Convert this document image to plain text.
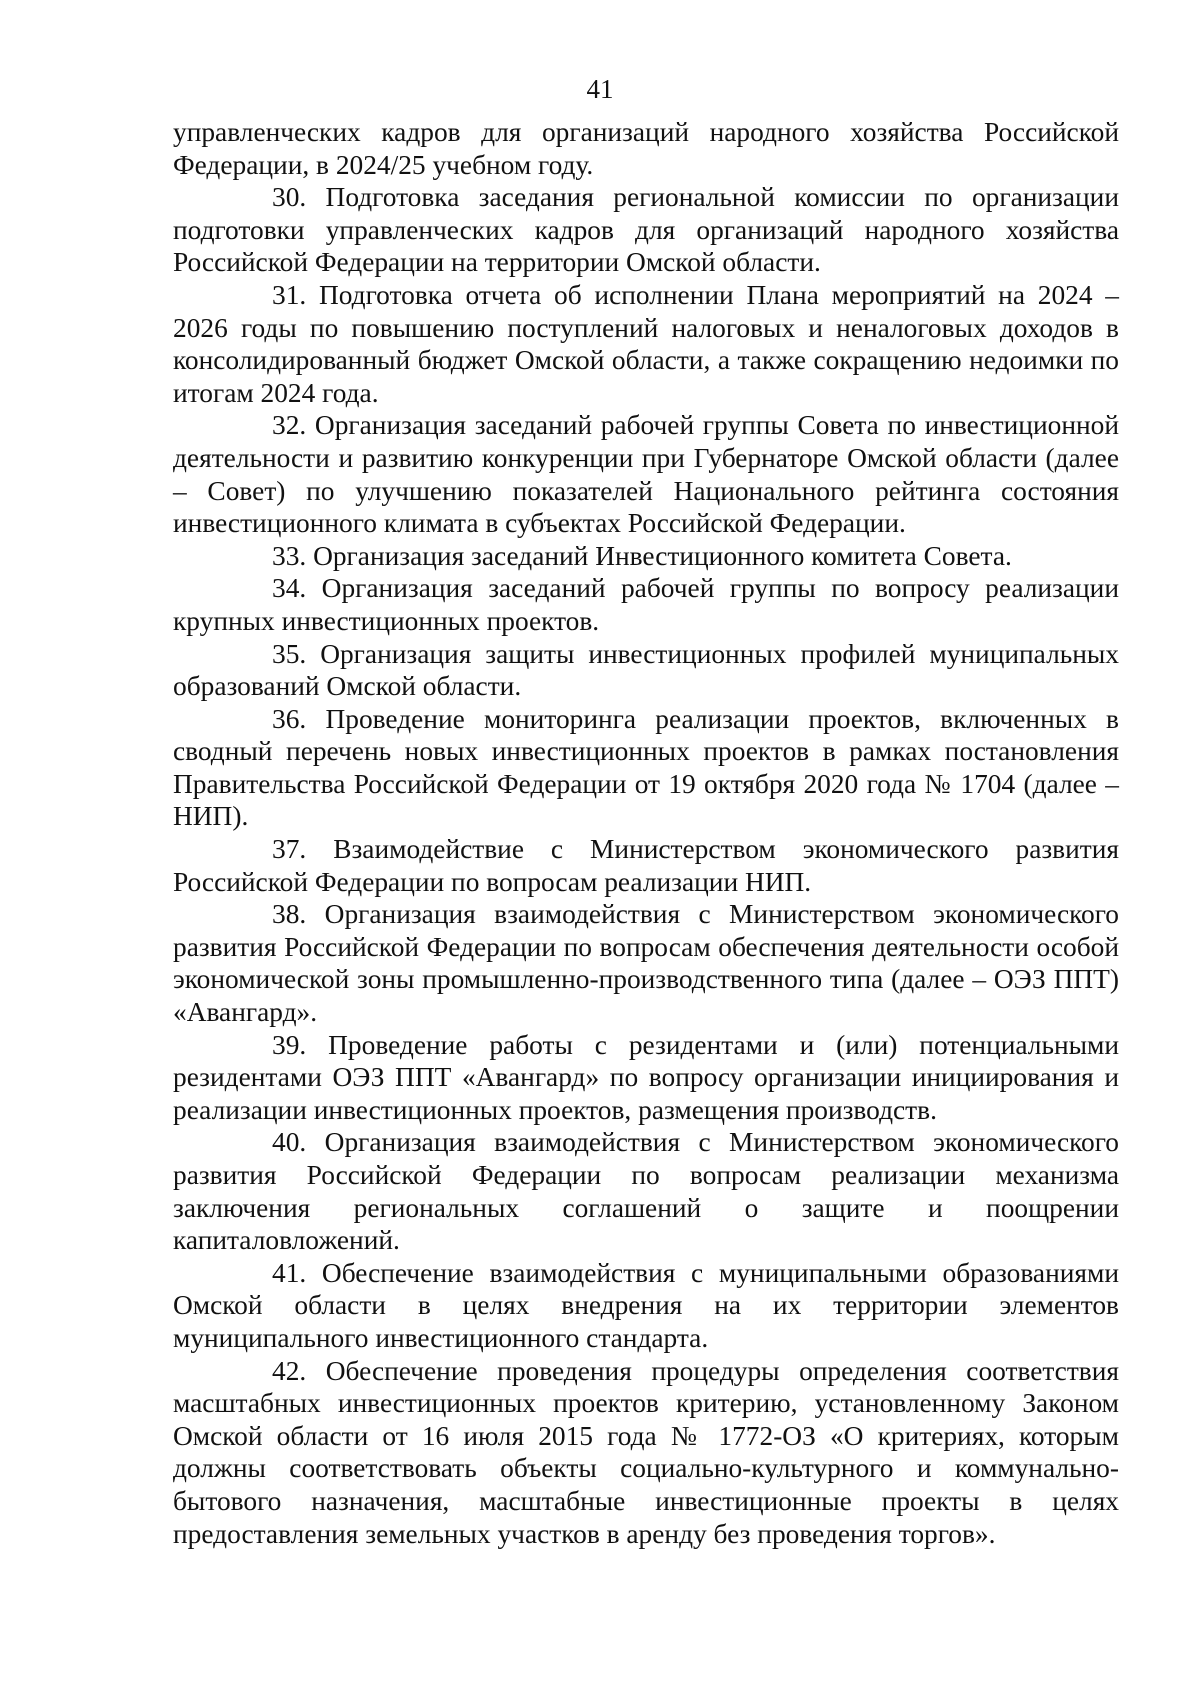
41

управленческих кадров для организаций народного хозяйства Российской Федерации, в 2024/25 учебном году.

30. Подготовка заседания региональной комиссии по организации подготовки управленческих кадров для организаций народного хозяйства Российской Федерации на территории Омской области.

31. Подготовка отчета об исполнении Плана мероприятий на 2024 – 2026 годы по повышению поступлений налоговых и неналоговых доходов в консолидированный бюджет Омской области, а также сокращению недоимки по итогам 2024 года.

32. Организация заседаний рабочей группы Совета по инвестиционной деятельности и развитию конкуренции при Губернаторе Омской области (далее – Совет) по улучшению показателей Национального рейтинга состояния инвестиционного климата в субъектах Российской Федерации.

33. Организация заседаний Инвестиционного комитета Совета.

34. Организация заседаний рабочей группы по вопросу реализации крупных инвестиционных проектов.

35. Организация защиты инвестиционных профилей муниципальных образований Омской области.

36. Проведение мониторинга реализации проектов, включенных в сводный перечень новых инвестиционных проектов в рамках постановления Правительства Российской Федерации от 19 октября 2020 года № 1704 (далее – НИП).

37. Взаимодействие с Министерством экономического развития Российской Федерации по вопросам реализации НИП.

38. Организация взаимодействия с Министерством экономического развития Российской Федерации по вопросам обеспечения деятельности особой экономической зоны промышленно-производственного типа (далее – ОЭЗ ППТ) «Авангард».

39. Проведение работы с резидентами и (или) потенциальными резидентами ОЭЗ ППТ «Авангард» по вопросу организации инициирования и реализации инвестиционных проектов, размещения производств.

40. Организация взаимодействия с Министерством экономического развития Российской Федерации по вопросам реализации механизма заключения региональных соглашений о защите и поощрении капиталовложений.

41. Обеспечение взаимодействия с муниципальными образованиями Омской области в целях внедрения на их территории элементов муниципального инвестиционного стандарта.

42. Обеспечение проведения процедуры определения соответствия масштабных инвестиционных проектов критерию, установленному Законом Омской области от 16 июля 2015 года № 1772-ОЗ «О критериях, которым должны соответствовать объекты социально-культурного и коммунально-бытового назначения, масштабные инвестиционные проекты в целях предоставления земельных участков в аренду без проведения торгов».
